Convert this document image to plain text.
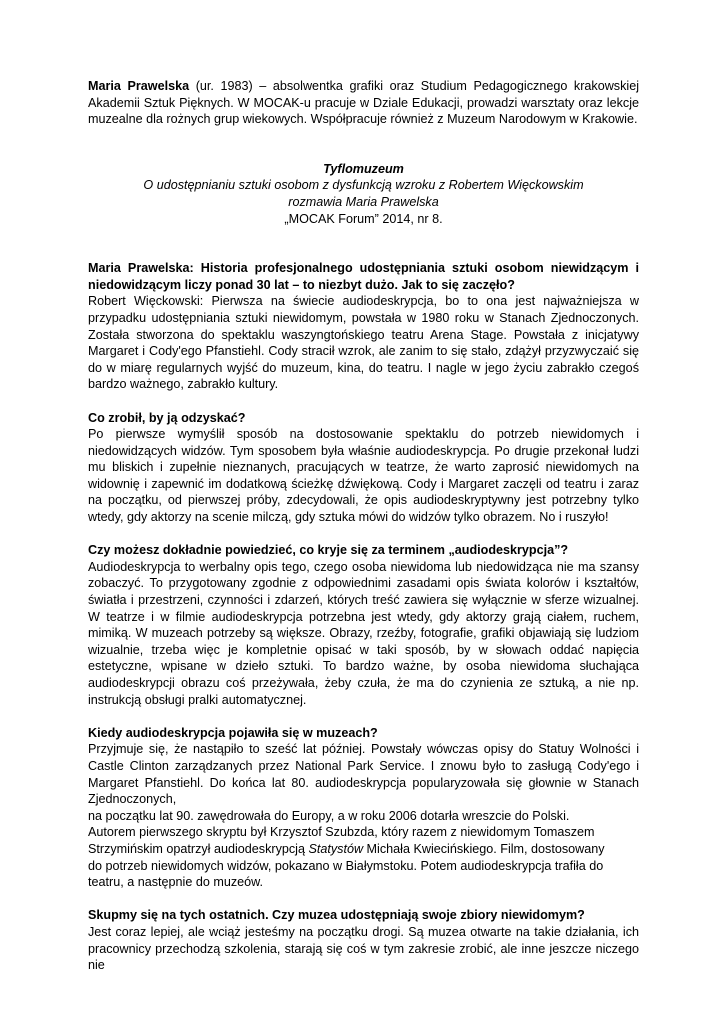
Maria Prawelska (ur. 1983) – absolwentka grafiki oraz Studium Pedagogicznego krakowskiej Akademii Sztuk Pięknych. W MOCAK-u pracuje w Dziale Edukacji, prowadzi warsztaty oraz lekcje muzealne dla rożnych grup wiekowych. Współpracuje również z Muzeum Narodowym w Krakowie.

Tyflomuzeum

O udostępnianiu sztuki osobom z dysfunkcją wzroku z Robertem Więckowskim

rozmawia Maria Prawelska

„MOCAK Forum” 2014, nr 8.

Maria Prawelska: Historia profesjonalnego udostępniania sztuki osobom niewidzącym i niedowidzącym liczy ponad 30 lat – to niezbyt dużo. Jak to się zaczęło?

Robert Więckowski: Pierwsza na świecie audiodeskrypcja, bo to ona jest najważniejsza w przypadku udostępniania sztuki niewidomym, powstała w 1980 roku w Stanach Zjednoczonych. Została stworzona do spektaklu waszyngtońskiego teatru Arena Stage. Powstała z inicjatywy Margaret i Cody'ego Pfanstiehl. Cody stracił wzrok, ale zanim to się stało, zdążył przyzwyczaić się do w miarę regularnych wyjść do muzeum, kina, do teatru. I nagle w jego życiu zabrakło czegoś bardzo ważnego, zabrakło kultury.

Co zrobił, by ją odzyskać?

Po pierwsze wymyślił sposób na dostosowanie spektaklu do potrzeb niewidomych i niedowidzących widzów. Tym sposobem była właśnie audiodeskrypcja. Po drugie przekonał ludzi mu bliskich i zupełnie nieznanych, pracujących w teatrze, że warto zaprosić niewidomych na widownię i zapewnić im dodatkową ścieżkę dźwiękową. Cody i Margaret zaczęli od teatru i zaraz na początku, od pierwszej próby, zdecydowali, że opis audiodeskryptywny jest potrzebny tylko wtedy, gdy aktorzy na scenie milczą, gdy sztuka mówi do widzów tylko obrazem. No i ruszyło!

Czy możesz dokładnie powiedzieć, co kryje się za terminem „audiodeskrypcja”?

Audiodeskrypcja to werbalny opis tego, czego osoba niewidoma lub niedowidząca nie ma szansy zobaczyć. To przygotowany zgodnie z odpowiednimi zasadami opis świata kolorów i kształtów, światła i przestrzeni, czynności i zdarzeń, których treść zawiera się wyłącznie w sferze wizualnej. W teatrze i w filmie audiodeskrypcja potrzebna jest wtedy, gdy aktorzy grają ciałem, ruchem, mimiką. W muzeach potrzeby są większe. Obrazy, rzeźby, fotografie, grafiki objawiają się ludziom wizualnie, trzeba więc je kompletnie opisać w taki sposób, by w słowach oddać napięcia estetyczne, wpisane w dzieło sztuki. To bardzo ważne, by osoba niewidoma słuchająca audiodeskrypcji obrazu coś przeżywała, żeby czuła, że ma do czynienia ze sztuką, a nie np. instrukcją obsługi pralki automatycznej.

Kiedy audiodeskrypcja pojawiła się w muzeach?

Przyjmuje się, że nastąpiło to sześć lat później. Powstały wówczas opisy do Statuy Wolności i Castle Clinton zarządzanych przez National Park Service. I znowu było to zasługą Cody'ego i Margaret Pfanstiehl. Do końca lat 80. audiodeskrypcja popularyzowała się głownie w Stanach Zjednoczonych,

na początku lat 90. zawędrowała do Europy, a w roku 2006 dotarła wreszcie do Polski.

Autorem pierwszego skryptu był Krzysztof Szubzda, który razem z niewidomym Tomaszem

Strzymińskim opatrzył audiodeskrypcją Statystów Michała Kwiecińskiego. Film, dostosowany

do potrzeb niewidomych widzów, pokazano w Białymstoku. Potem audiodeskrypcja trafiła do

teatru, a następnie do muzeów.

Skupmy się na tych ostatnich. Czy muzea udostępniają swoje zbiory niewidomym?

Jest coraz lepiej, ale wciąż jesteśmy na początku drogi. Są muzea otwarte na takie działania, ich pracownicy przechodzą szkolenia, starają się coś w tym zakresie zrobić, ale inne jeszcze niczego nie
